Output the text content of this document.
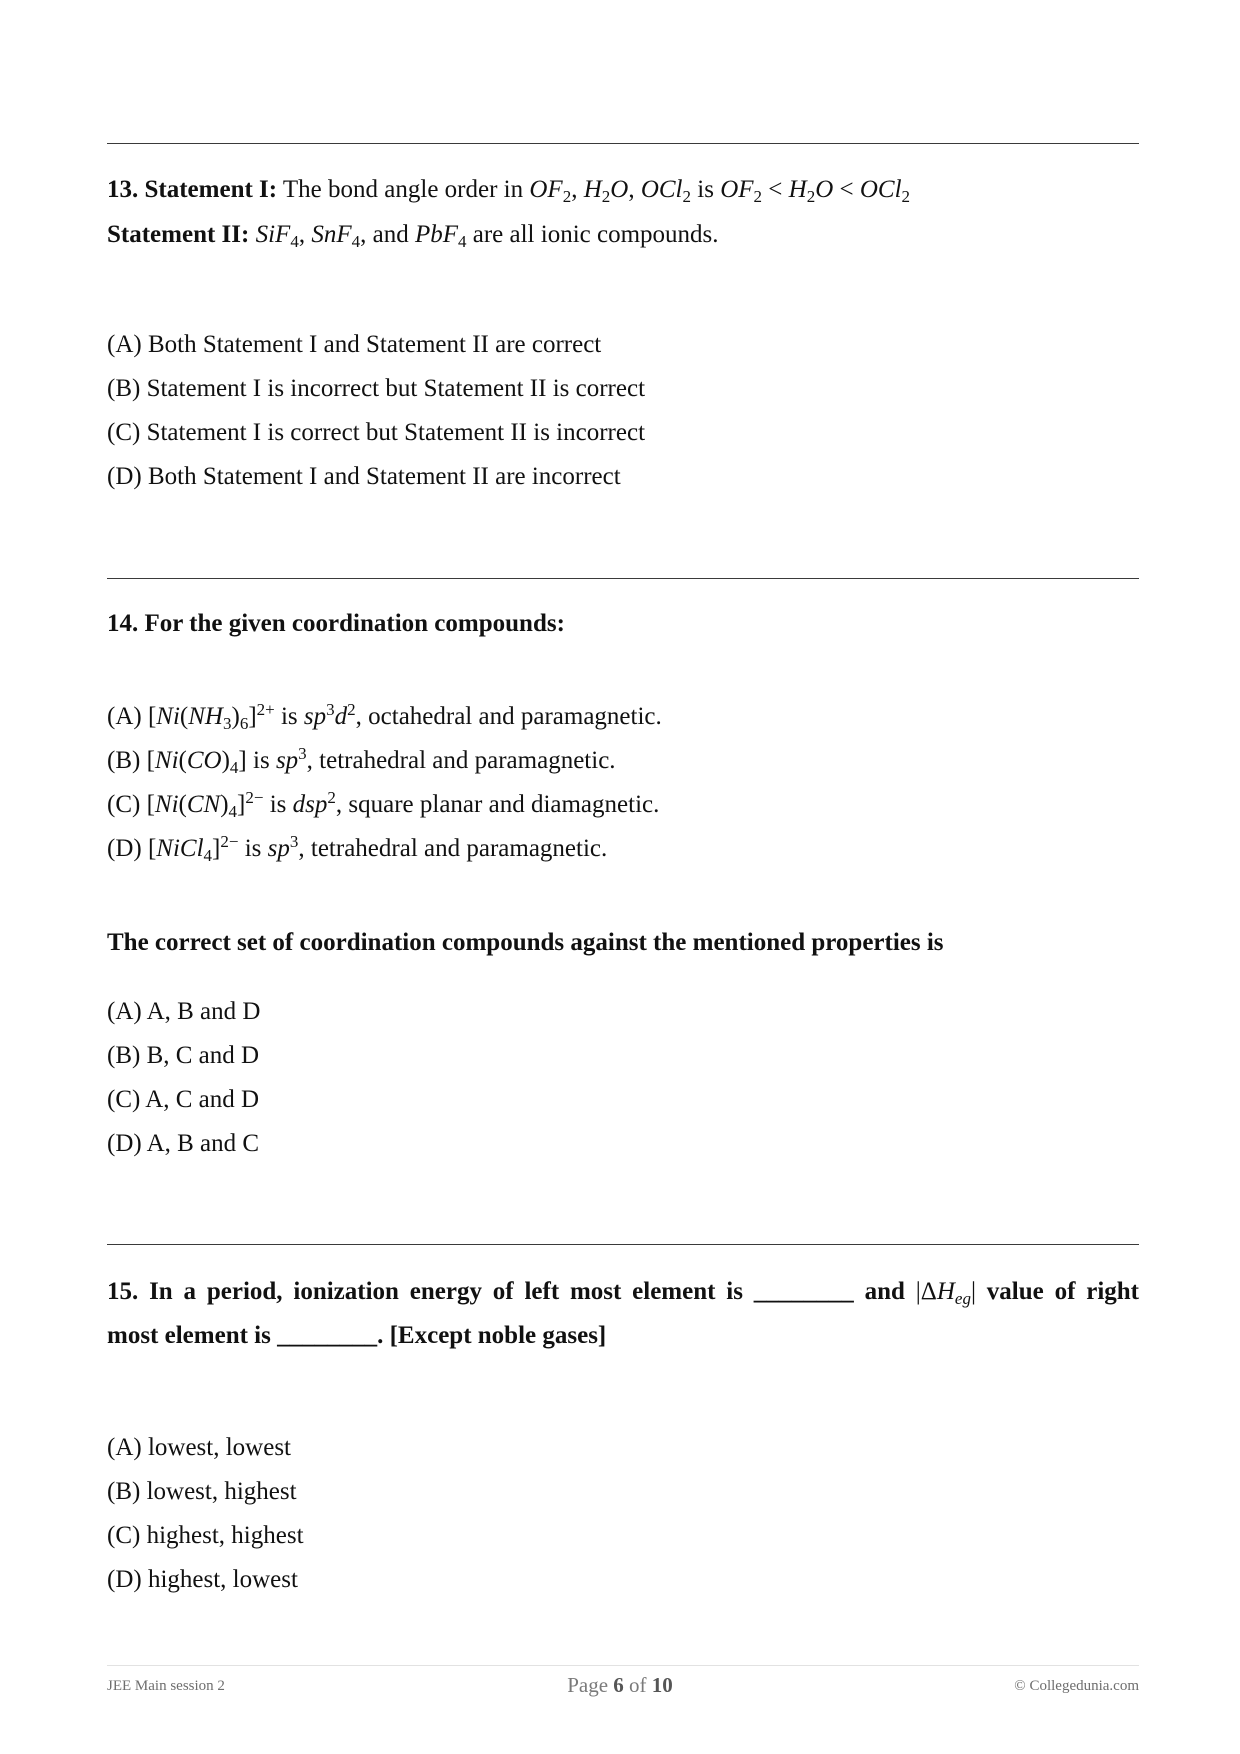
13. Statement I: The bond angle order in $OF_2$, $H_2O$, OCl$_2$ is $OF_2 < H_2O < OCl_2$
Statement II: SiF$_4$, SnF$_4$, and PbF$_4$ are all ionic compounds.
(A) Both Statement I and Statement II are correct
(B) Statement I is incorrect but Statement II is correct
(C) Statement I is correct but Statement II is incorrect
(D) Both Statement I and Statement II are incorrect
14. For the given coordination compounds:
(A) $[Ni(NH_3)_6]^{2+}$ is $sp^3d^2$, octahedral and paramagnetic.
(B) $[Ni(CO)_4]$ is $sp^3$, tetrahedral and paramagnetic.
(C) $[Ni(CN)_4]^{2-}$ is dsp$^2$, square planar and diamagnetic.
(D) [NiCl$_4$]$^{2-}$ is $sp^3$, tetrahedral and paramagnetic.
The correct set of coordination compounds against the mentioned properties is
(A) A, B and D
(B) B, C and D
(C) A, C and D
(D) A, B and C
15. In a period, ionization energy of left most element is ________ and $|\Delta H_{eg}|$ value of right
most element is ________. [Except noble gases]
(A) lowest, lowest
(B) lowest, highest
(C) highest, highest
(D) highest, lowest
JEE Main session 2	Page 6 of 10	© Collegedunia.com
